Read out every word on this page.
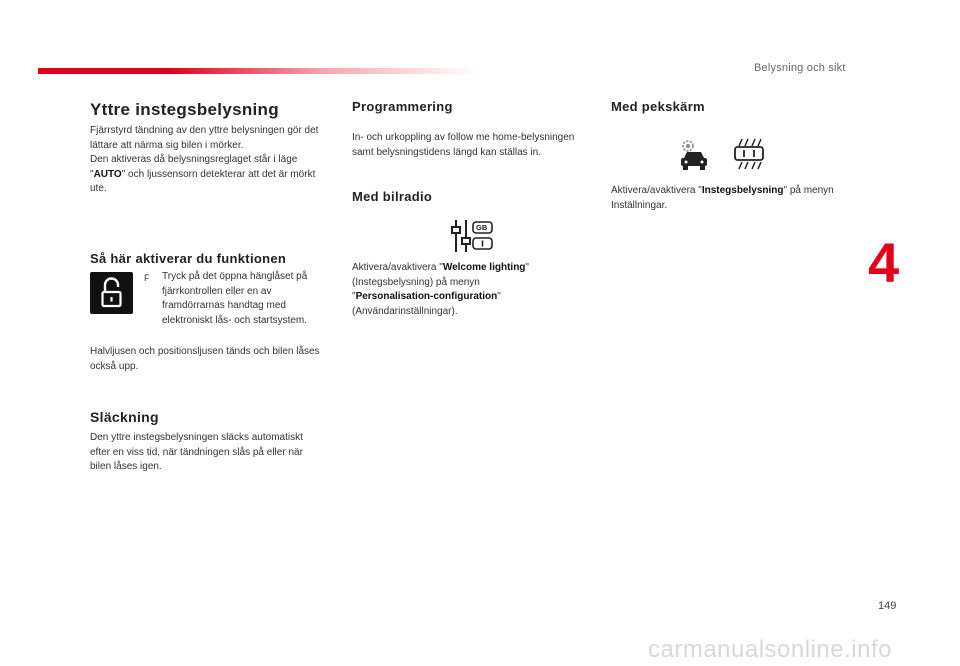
Belysning och sikt
4
149
carmanualsonline.info
Yttre instegsbelysning

Fjärrstyrd tändning av den yttre belysningen gör det lättare att närma sig bilen i mörker.
Den aktiveras då belysningsreglaget står i läge "AUTO" och ljussensorn detekterar att det är mörkt ute.

Så här aktiverar du funktionen
F Tryck på det öppna hänglåset på fjärrkontrollen eller en av framdörrarnas handtag med elektroniskt lås- och startsystem.

Halvljusen och positionsljusen tänds och bilen låses också upp.

Släckning

Den yttre instegsbelysningen släcks automatiskt efter en viss tid, när tändningen slås på eller när bilen låses igen.

Programmering

In- och urkoppling av follow me home-belysningen samt belysningstidens längd kan ställas in.

Med bilradio
GB

Aktivera/avaktivera "Welcome lighting" (Instegsbelysning) på menyn "Personalisation-configuration" (Användarinställningar).

Med pekskärm

Aktivera/avaktivera "Instegsbelysning" på menyn Inställningar.
